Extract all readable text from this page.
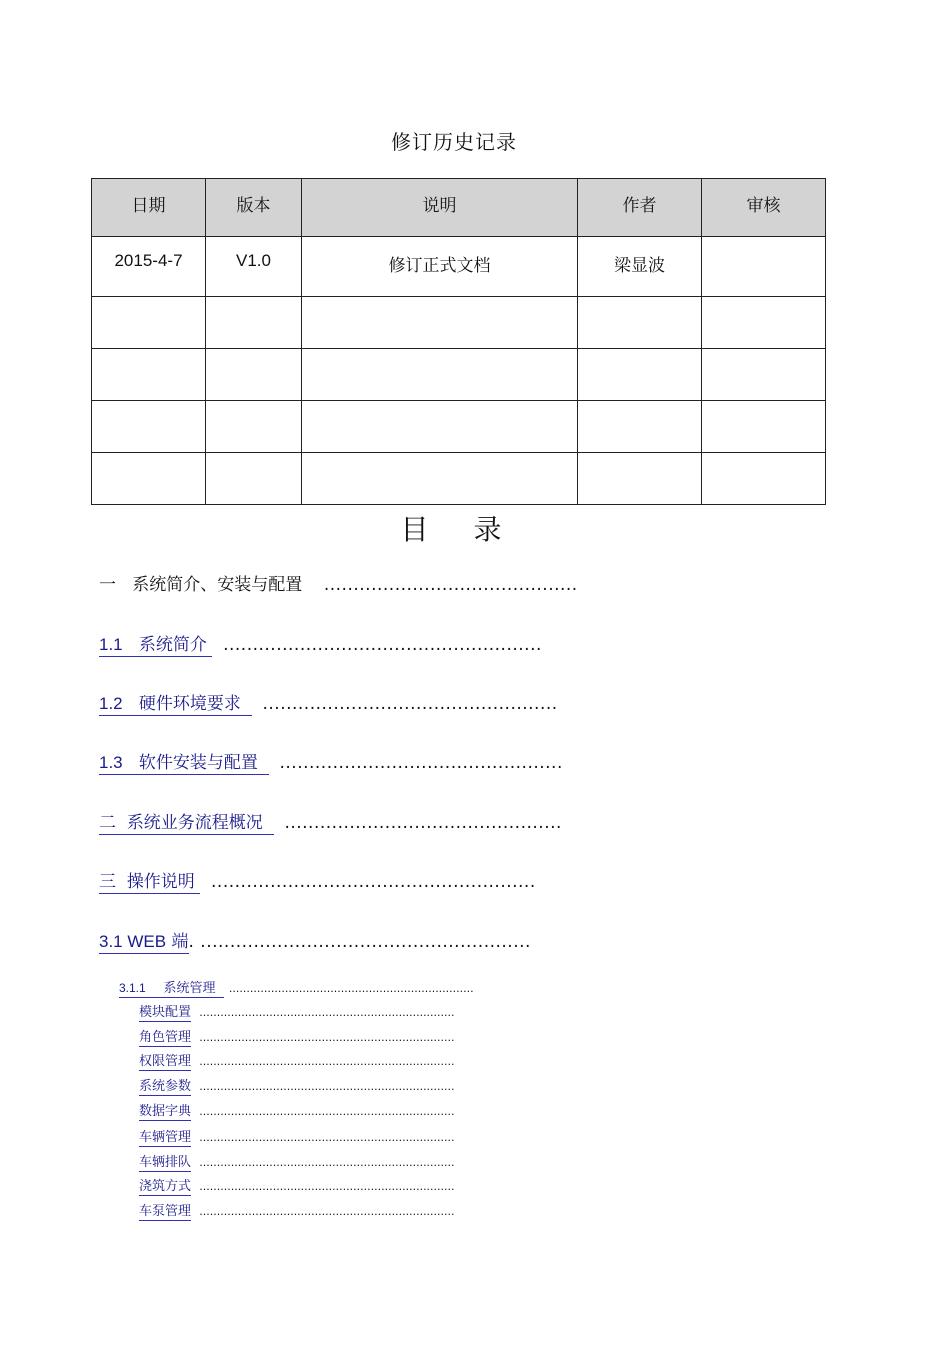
修订历史记录
日期	版本	说明	作者	审核
2015-4-7	V1.0	修订正式文档	梁显波	

目 录
一 系统简介、安装与配置 ...........................................
1.1 系统简介 ......................................................
1.2 硬件环境要求 ..................................................
1.3 软件安装与配置 ................................................
二 系统业务流程概况 ...............................................
三 操作说明 .......................................................
3.1 WEB 端. ........................................................
3.1.1 系统管理 ......................................................................
模块配置 .........................................................................
角色管理 .........................................................................
权限管理 .........................................................................
系统参数 .........................................................................
数据字典 .........................................................................
车辆管理 .........................................................................
车辆排队 .........................................................................
浇筑方式 .........................................................................
车泵管理 .........................................................................
